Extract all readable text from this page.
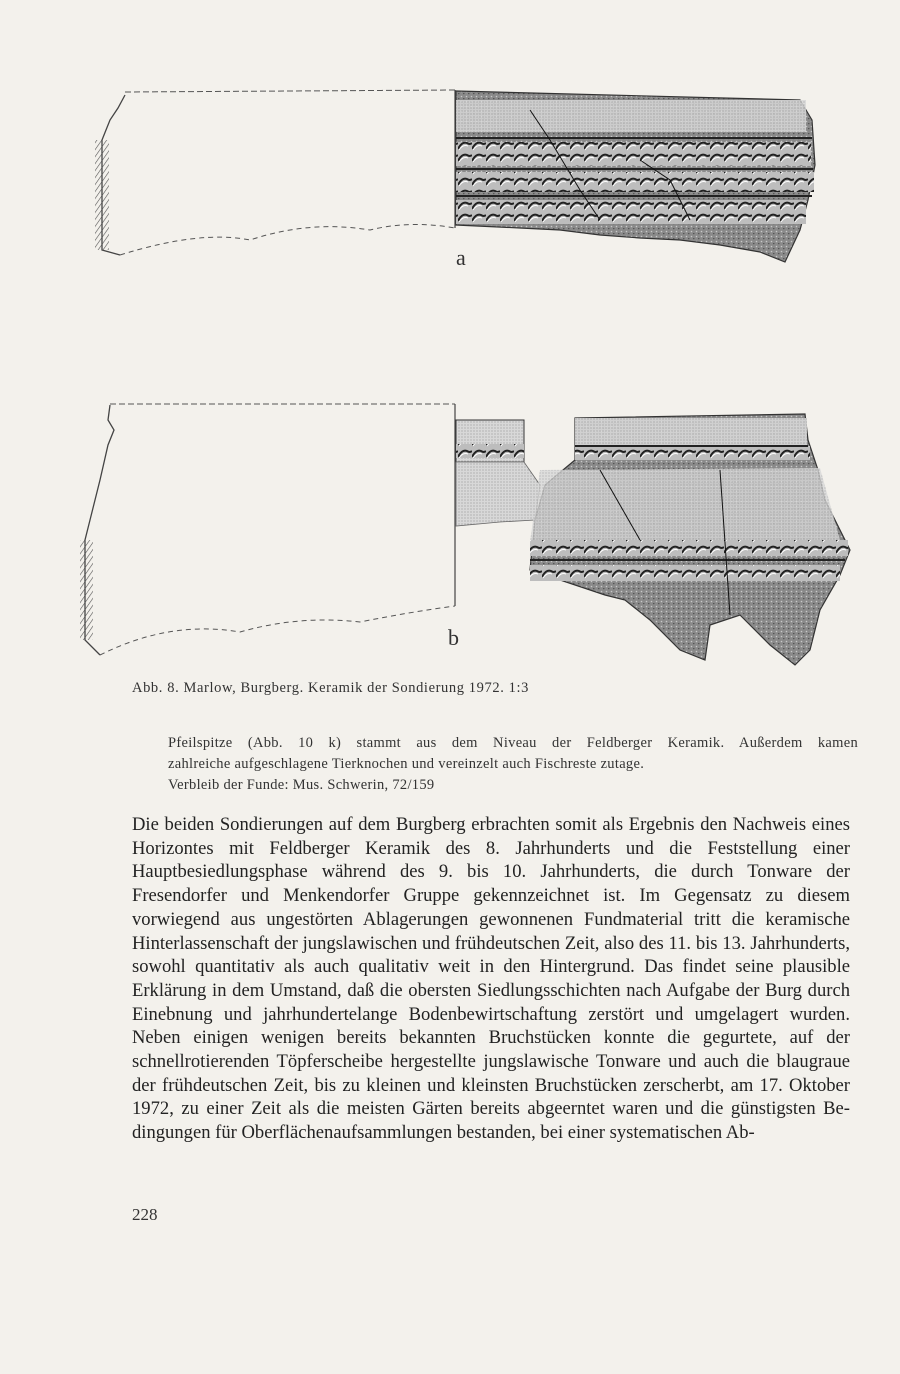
a
b
Abb. 8. Marlow, Burgberg. Keramik der Sondierung 1972. 1:3

Pfeilspitze (Abb. 10 k) stammt aus dem Niveau der Feldberger Keramik. Außerdem kamen

zahlreiche aufgeschlagene Tierknochen und vereinzelt auch Fischreste zutage.

Verbleib der Funde: Mus. Schwerin, 72/159

Die beiden Sondierungen auf dem Burgberg erbrachten somit als Ergebnis den Nachweis eines Horizontes mit Feldberger Keramik des 8. Jahrhunderts und die Feststellung einer Hauptbesiedlungsphase während des 9. bis 10. Jahrhunderts, die durch Tonware der Fresendorfer und Menkendorfer Gruppe gekennzeichnet ist. Im Gegensatz zu diesem vorwiegend aus ungestörten Ablagerungen gewonnenen Fundmaterial tritt die keramische Hinterlassenschaft der jungslawischen und frühdeutschen Zeit, also des 11. bis 13. Jahrhunderts, sowohl quantitativ als auch qualitativ weit in den Hintergrund. Das findet seine plausible Erklärung in dem Umstand, daß die obersten Siedlungsschichten nach Aufgabe der Burg durch Einebnung und jahrhundertelange Bodenbewirtschaftung zerstört und umgelagert wurden. Neben einigen wenigen bereits bekannten Bruchstücken konnte die gegurtete, auf der schnellrotierenden Töpferscheibe hergestellte jungslawische Tonware und auch die blaugraue der frühdeutschen Zeit, bis zu kleinen und kleinsten Bruchstücken zerscherbt, am 17. Oktober 1972, zu einer Zeit als die meisten Gärten bereits abgeerntet waren und die günstigsten Bedingungen für Oberflächenaufsammlungen bestanden, bei einer systematischen Ab-

228
